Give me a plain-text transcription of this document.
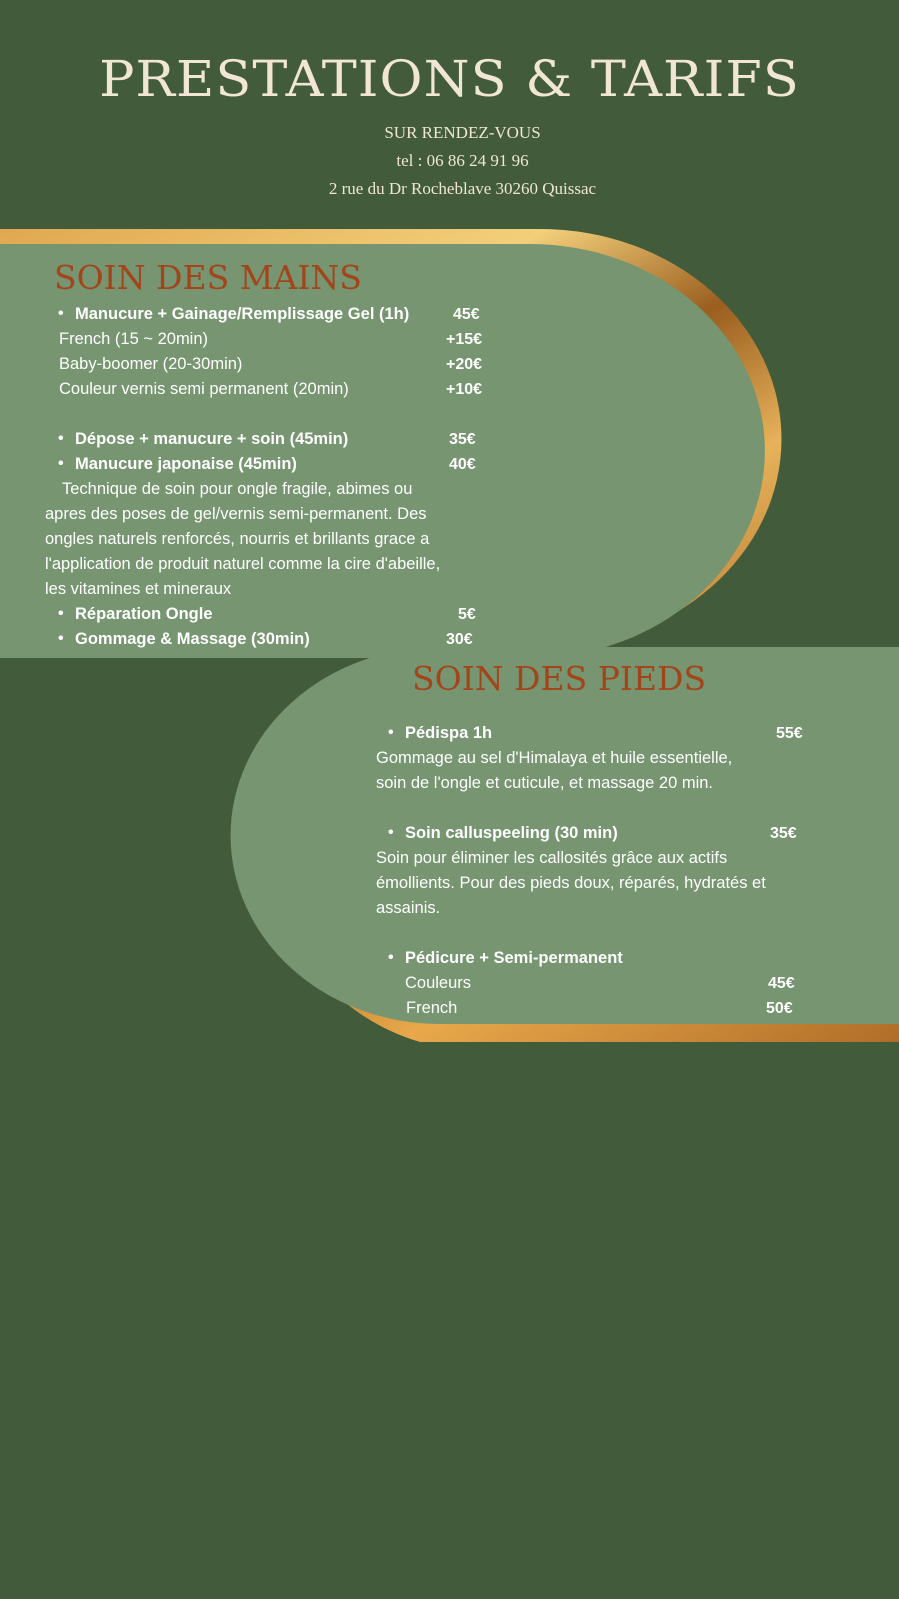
PRESTATIONS & TARIFS
SUR RENDEZ-VOUS
tel : 06 86 24 91 96
2 rue du Dr Rocheblave 30260 Quissac
SOIN DES MAINS
• Manucure + Gainage/Remplissage Gel (1h)	45€
French (15 ~ 20min)	+15€
Baby-boomer (20-30min)	+20€
Couleur vernis semi permanent (20min)	+10€
• Dépose + manucure + soin (45min)	35€
• Manucure japonaise (45min)	40€
Technique de soin pour ongle fragile, abimes ou
apres des poses de gel/vernis semi-permanent. Des
ongles naturels renforcés, nourris et brillants grace a
l'application de produit naturel comme la cire d'abeille,
les vitamines et mineraux
• Réparation Ongle	5€
• Gommage & Massage (30min)	30€
SOIN DES PIEDS
• Pédispa 1h	55€
Gommage au sel d'Himalaya et huile essentielle,
soin de l'ongle et cuticule, et massage 20 min.
• Soin calluspeeling (30 min)	35€
Soin pour éliminer les callosités grâce aux actifs
émollients. Pour des pieds doux, réparés, hydratés et
assainis.
• Pédicure + Semi-permanent
Couleurs	45€
French	50€
